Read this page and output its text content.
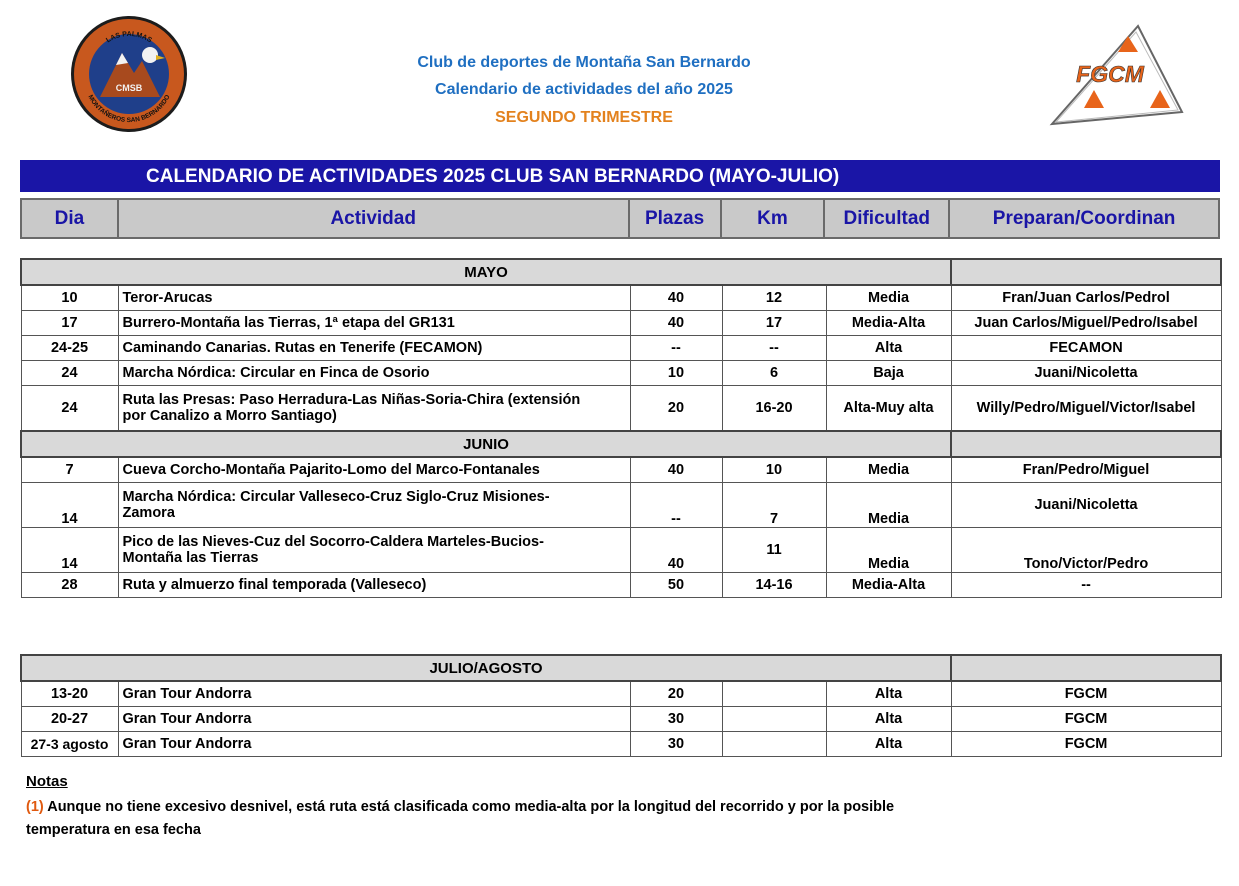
LAS PALMAS
CMSB
MONTAÑEROS SAN BERNARDO
Club de deportes de Montaña San Bernardo
Calendario de actividades del año 2025
SEGUNDO TRIMESTRE
FGCM
CALENDARIO DE ACTIVIDADES 2025 CLUB SAN BERNARDO (MAYO-JULIO)
Dia	Actividad	Plazas	Km	Dificultad	Preparan/Coordinan
MAYO					
10	Teror-Arucas	40	12	Media	Fran/Juan Carlos/Pedrol
17	Burrero-Montaña las Tierras, 1ª etapa del GR131	40	17	Media-Alta	Juan Carlos/Miguel/Pedro/Isabel
24-25	Caminando Canarias. Rutas en Tenerife (FECAMON)	--	--	Alta	FECAMON
24	Marcha Nórdica: Circular en Finca de Osorio	10	6	Baja	Juani/Nicoletta
24	Ruta las Presas: Paso Herradura-Las Niñas-Soria-Chira (extensión
por Canalizo a Morro Santiago)	20	16-20	Alta-Muy alta	Willy/Pedro/Miguel/Victor/Isabel
JUNIO					
7	Cueva Corcho-Montaña Pajarito-Lomo del Marco-Fontanales	40	10	Media	Fran/Pedro/Miguel
14	Marcha Nórdica: Circular Valleseco-Cruz Siglo-Cruz Misiones-
Zamora	--	7	Media	Juani/Nicoletta
14	Pico de las Nieves-Cuz del Socorro-Caldera Marteles-Bucios-
Montaña las Tierras	40	11	Media	Tono/Victor/Pedro
28	Ruta y almuerzo final temporada (Valleseco)	50	14-16	Media-Alta	--
JULIO/AGOSTO					
13-20	Gran Tour Andorra	20		Alta	FGCM
20-27	Gran Tour Andorra	30		Alta	FGCM
27-3 agosto	Gran Tour Andorra	30		Alta	FGCM
Notas
(1) Aunque no tiene excesivo desnivel, está ruta está clasificada como media-alta por la longitud del recorrido y por la posible temperatura en esa fecha
